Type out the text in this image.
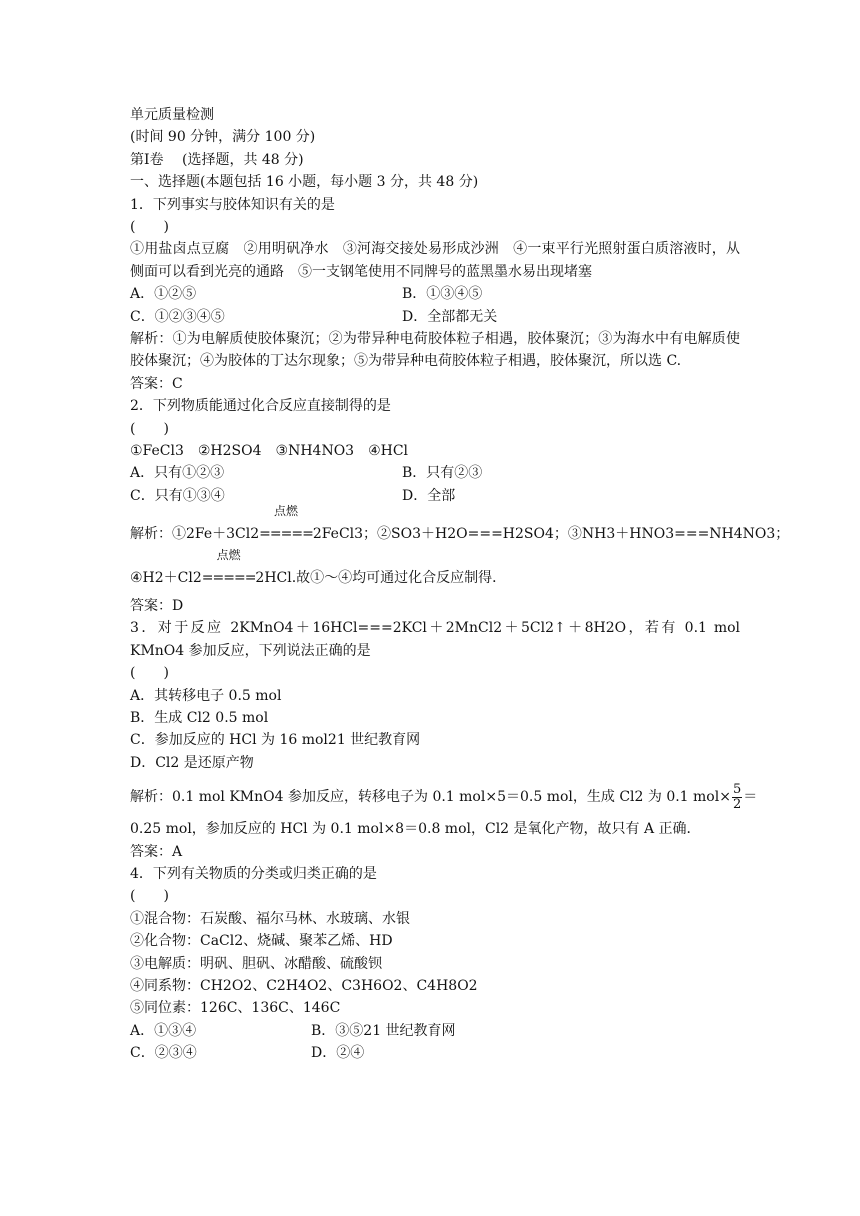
单元质量检测
(时间 90 分钟，满分 100 分)
第Ⅰ卷　 (选择题，共 48 分)
一、选择题(本题包括 16 小题，每小题 3 分，共 48 分)
1．下列事实与胶体知识有关的是
(　　)
①用盐卤点豆腐　②用明矾净水　③河海交接处易形成沙洲　④一束平行光照射蛋白质溶液时，从侧面可以看到光亮的通路　⑤一支钢笔使用不同牌号的蓝黑墨水易出现堵塞
A．①②⑤	B．①③④⑤
C．①②③④⑤	D．全部都无关
解析：①为电解质使胶体聚沉；②为带异种电荷胶体粒子相遇，胶体聚沉；③为海水中有电解质使胶体聚沉；④为胶体的丁达尔现象；⑤为带异种电荷胶体粒子相遇，胶体聚沉，所以选 C.
答案：C
2．下列物质能通过化合反应直接制得的是
(　　)
①FeCl3　②H2SO4　③NH4NO3　④HCl
A．只有①②③	B．只有②③
C．只有①③④	D．全部
解析：①2Fe＋3Cl2
点燃
=====2FeCl3；②SO3＋H2O===H2SO4；③NH3＋HNO3===NH4NO3；
④H2＋Cl2
点燃
=====2HCl.故①～④均可通过化合反应制得．
答案：D
3．对于反应 2KMnO4＋16HCl===2KCl＋2MnCl2＋5Cl2↑＋8H2O，若有 0.1 mol KMnO4 参加反应，下列说法正确的是
(　　)
A．其转移电子 0.5 mol
B．生成 Cl2 0.5 mol
C．参加反应的 HCl 为 16 mol21 世纪教育网
D．Cl2 是还原产物
解析：0.1 mol KMnO4 参加反应，转移电子为 0.1 mol×5＝0.5 mol，生成 Cl2 为 0.1 $mol\times \frac{5}{2}$ ＝
0.25 mol，参加反应的 HCl 为 0.1 mol×8＝0.8 mol，Cl2 是氧化产物，故只有 A 正确．
答案：A
4．下列有关物质的分类或归类正确的是
(　　)
①混合物：石炭酸、福尔马林、水玻璃、水银
②化合物：CaCl2、烧碱、聚苯乙烯、HD
③电解质：明矾、胆矾、冰醋酸、硫酸钡
④同系物：CH2O2、C2H4O2、C3H6O2、C4H8O2
⑤同位素：126C、136C、146C
A．①③④	B．③⑤21 世纪教育网
C．②③④	D．②④
